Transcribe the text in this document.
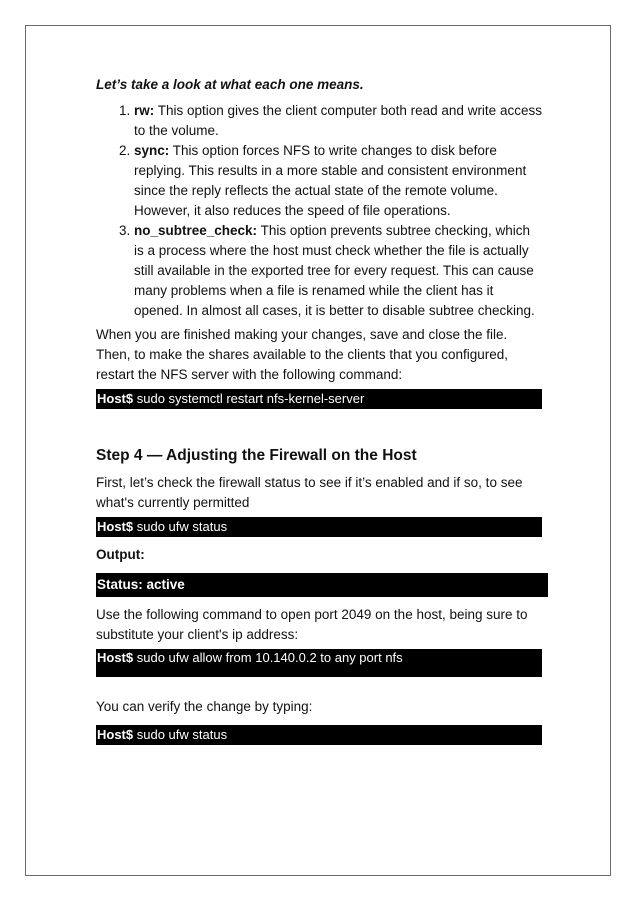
Let’s take a look at what each one means.

1. rw: This option gives the client computer both read and write access to the volume.
2. sync: This option forces NFS to write changes to disk before replying. This results in a more stable and consistent environment since the reply reflects the actual state of the remote volume. However, it also reduces the speed of file operations.
3. no_subtree_check: This option prevents subtree checking, which is a process where the host must check whether the file is actually still available in the exported tree for every request. This can cause many problems when a file is renamed while the client has it opened. In almost all cases, it is better to disable subtree checking.

When you are finished making your changes, save and close the file. Then, to make the shares available to the clients that you configured, restart the NFS server with the following command:

Host$ sudo systemctl restart nfs-kernel-server
Step 4 — Adjusting the Firewall on the Host

First, let’s check the firewall status to see if it’s enabled and if so, to see what's currently permitted

Host$ sudo ufw status

Output:

Status: active

Use the following command to open port 2049 on the host, being sure to substitute your client's ip address:

Host$ sudo ufw allow from 10.140.0.2 to any port nfs

You can verify the change by typing:

Host$ sudo ufw status
